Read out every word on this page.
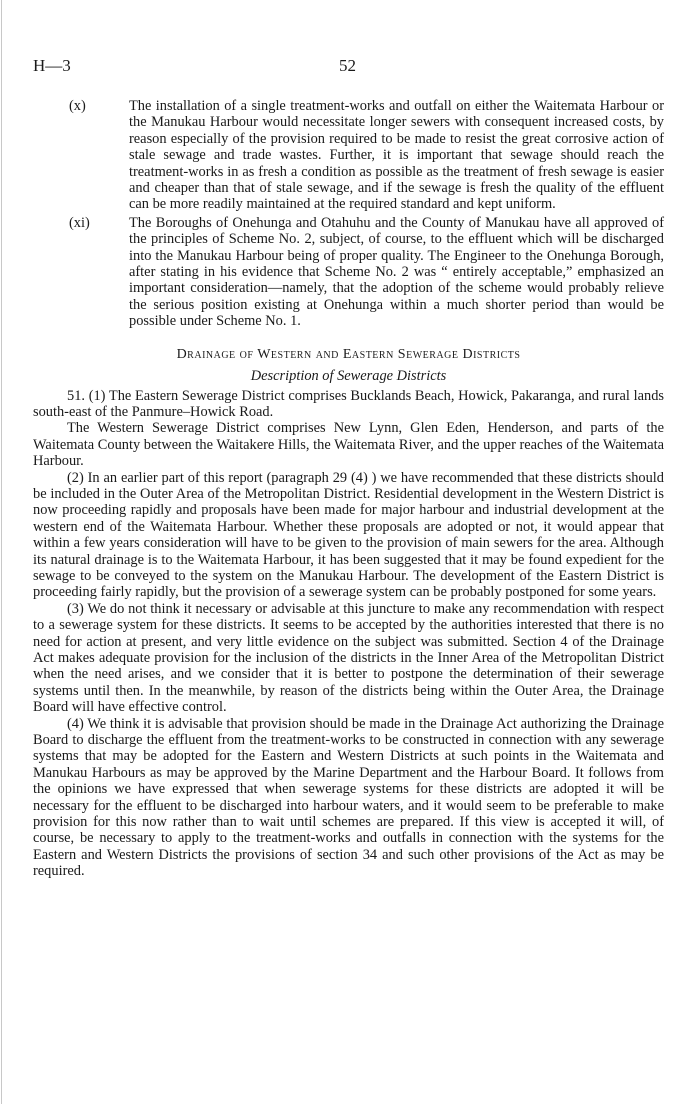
H—3	52

(x)	The installation of a single treatment-works and outfall on either the Waitemata Harbour or the Manukau Harbour would necessitate longer sewers with consequent increased costs, by reason especially of the provision required to be made to resist the great corrosive action of stale sewage and trade wastes. Further, it is important that sewage should reach the treatment-works in as fresh a condition as possible as the treatment of fresh sewage is easier and cheaper than that of stale sewage, and if the sewage is fresh the quality of the effluent can be more readily maintained at the required standard and kept uniform.

(xi)	The Boroughs of Onehunga and Otahuhu and the County of Manukau have all approved of the principles of Scheme No. 2, subject, of course, to the effluent which will be discharged into the Manukau Harbour being of proper quality. The Engineer to the Onehunga Borough, after stating in his evidence that Scheme No. 2 was “ entirely acceptable,” emphasized an important consideration—namely, that the adoption of the scheme would probably relieve the serious position existing at Onehunga within a much shorter period than would be possible under Scheme No. 1.

Drainage of Western and Eastern Sewerage Districts

Description of Sewerage Districts

51. (1) The Eastern Sewerage District comprises Bucklands Beach, Howick, Pakaranga, and rural lands south-east of the Panmure–Howick Road.

The Western Sewerage District comprises New Lynn, Glen Eden, Henderson, and parts of the Waitemata County between the Waitakere Hills, the Waitemata River, and the upper reaches of the Waitemata Harbour.

(2) In an earlier part of this report (paragraph 29 (4) ) we have recommended that these districts should be included in the Outer Area of the Metropolitan District. Residential development in the Western District is now proceeding rapidly and proposals have been made for major harbour and industrial development at the western end of the Waitemata Harbour. Whether these proposals are adopted or not, it would appear that within a few years consideration will have to be given to the provision of main sewers for the area. Although its natural drainage is to the Waitemata Harbour, it has been suggested that it may be found expedient for the sewage to be conveyed to the system on the Manukau Harbour. The development of the Eastern District is proceeding fairly rapidly, but the provision of a sewerage system can be probably postponed for some years.

(3) We do not think it necessary or advisable at this juncture to make any recommendation with respect to a sewerage system for these districts. It seems to be accepted by the authorities interested that there is no need for action at present, and very little evidence on the subject was submitted. Section 4 of the Drainage Act makes adequate provision for the inclusion of the districts in the Inner Area of the Metropolitan District when the need arises, and we consider that it is better to postpone the determination of their sewerage systems until then. In the meanwhile, by reason of the districts being within the Outer Area, the Drainage Board will have effective control.

(4) We think it is advisable that provision should be made in the Drainage Act authorizing the Drainage Board to discharge the effluent from the treatment-works to be constructed in connection with any sewerage systems that may be adopted for the Eastern and Western Districts at such points in the Waitemata and Manukau Harbours as may be approved by the Marine Department and the Harbour Board. It follows from the opinions we have expressed that when sewerage systems for these districts are adopted it will be necessary for the effluent to be discharged into harbour waters, and it would seem to be preferable to make provision for this now rather than to wait until schemes are prepared. If this view is accepted it will, of course, be necessary to apply to the treatment-works and outfalls in connection with the systems for the Eastern and Western Districts the provisions of section 34 and such other provisions of the Act as may be required.
